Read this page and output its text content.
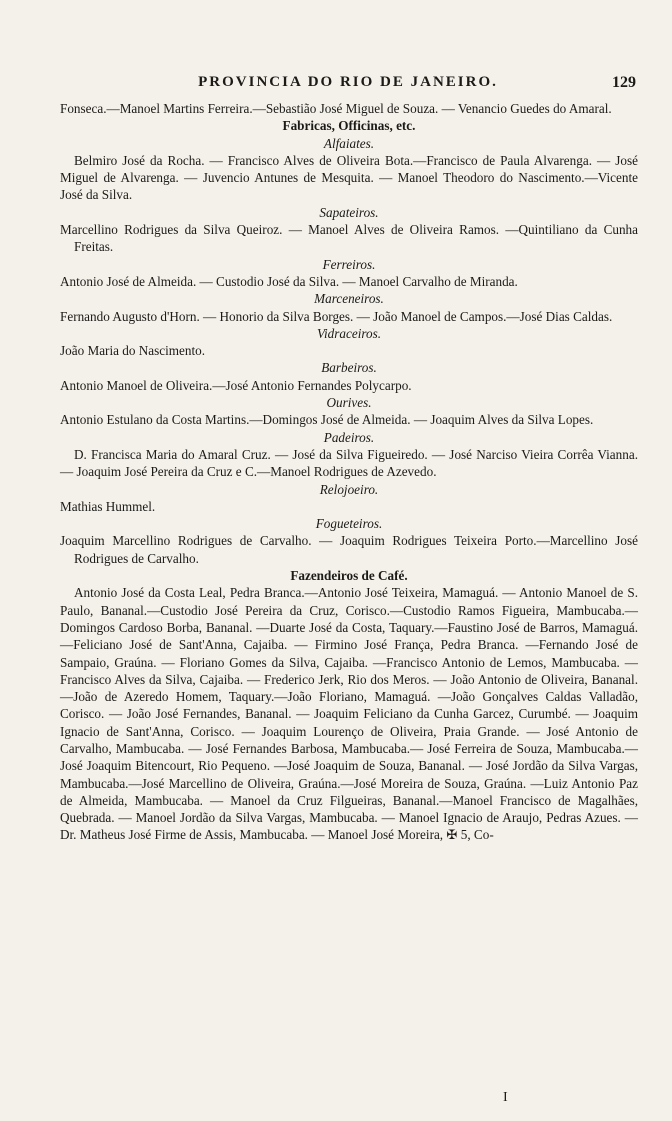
PROVINCIA DO RIO DE JANEIRO.	129

Fonseca.—Manoel Martins Ferreira.—Sebastião José Miguel de Souza. — Venancio Guedes do Amaral.

Fabricas, Officinas, etc.

Alfaiates.

Belmiro José da Rocha. — Francisco Alves de Oliveira Bota.—Francisco de Paula Alvarenga. — José Miguel de Alvarenga. — Juvencio Antunes de Mesquita. — Manoel Theodoro do Nascimento.—Vicente José da Silva.

Sapateiros.

Marcellino Rodrigues da Silva Queiroz. — Manoel Alves de Oliveira Ramos. —Quintiliano da Cunha Freitas.

Ferreiros.

Antonio José de Almeida. — Custodio José da Silva. — Manoel Carvalho de Miranda.

Marceneiros.

Fernando Augusto d'Horn. — Honorio da Silva Borges. — João Manoel de Campos.—José Dias Caldas.

Vidraceiros.

João Maria do Nascimento.

Barbeiros.

Antonio Manoel de Oliveira.—José Antonio Fernandes Polycarpo.

Ourives.

Antonio Estulano da Costa Martins.—Domingos José de Almeida. — Joaquim Alves da Silva Lopes.

Padeiros.

D. Francisca Maria do Amaral Cruz. — José da Silva Figueiredo. — José Narciso Vieira Corrêa Vianna. — Joaquim José Pereira da Cruz e C.—Manoel Rodrigues de Azevedo.

Relojoeiro.

Mathias Hummel.

Fogueteiros.

Joaquim Marcellino Rodrigues de Carvalho. — Joaquim Rodrigues Teixeira Porto.—Marcellino José Rodrigues de Carvalho.

Fazendeiros de Café.

Antonio José da Costa Leal, Pedra Branca.—Antonio José Teixeira, Mamaguá. — Antonio Manoel de S. Paulo, Bananal.—Custodio José Pereira da Cruz, Corisco.—Custodio Ramos Figueira, Mambucaba.—Domingos Cardoso Borba, Bananal. —Duarte José da Costa, Taquary.—Faustino José de Barros, Mamaguá. —Feliciano José de Sant'Anna, Cajaiba. — Firmino José França, Pedra Branca. —Fernando José de Sampaio, Graúna. — Floriano Gomes da Silva, Cajaiba. —Francisco Antonio de Lemos, Mambucaba. — Francisco Alves da Silva, Cajaiba. — Frederico Jerk, Rio dos Meros. — João Antonio de Oliveira, Bananal. —João de Azeredo Homem, Taquary.—João Floriano, Mamaguá. —João Gonçalves Caldas Valladão, Corisco. — João José Fernandes, Bananal. — Joaquim Feliciano da Cunha Garcez, Curumbé. — Joaquim Ignacio de Sant'Anna, Corisco. — Joaquim Lourenço de Oliveira, Praia Grande. — José Antonio de Carvalho, Mambucaba. — José Fernandes Barbosa, Mambucaba.— José Ferreira de Souza, Mambucaba.—José Joaquim Bitencourt, Rio Pequeno. —José Joaquim de Souza, Bananal. — José Jordão da Silva Vargas, Mambucaba.—José Marcellino de Oliveira, Graúna.—José Moreira de Souza, Graúna. —Luiz Antonio Paz de Almeida, Mambucaba. — Manoel da Cruz Filgueiras, Bananal.—Manoel Francisco de Magalhães, Quebrada. — Manoel Jordão da Silva Vargas, Mambucaba. — Manoel Ignacio de Araujo, Pedras Azues. — Dr. Matheus José Firme de Assis, Mambucaba. — Manoel José Moreira, ✠ 5, Co-

I
